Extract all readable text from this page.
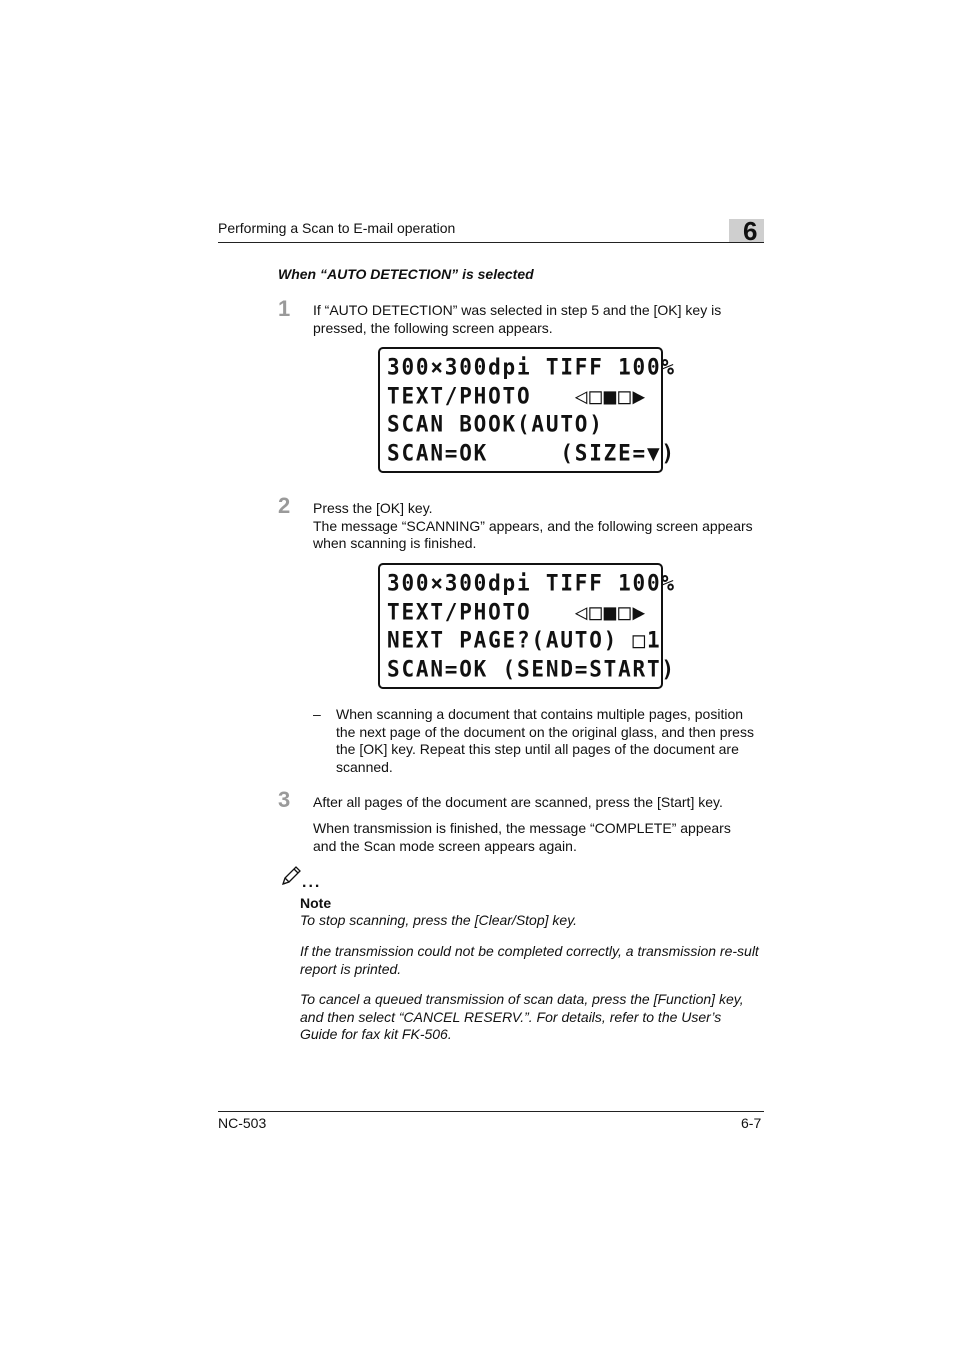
Performing a Scan to E-mail operation	6
When “AUTO DETECTION” is selected
1 If “AUTO DETECTION” was selected in step 5 and the [OK] key is pressed, the following screen appears.
300×300dpi TIFF 100%
TEXT/PHOTO   ◁□■□▶
SCAN BOOK(AUTO)
SCAN=OK     (SIZE=▼)
2 Press the [OK] key.
The message “SCANNING” appears, and the following screen appears when scanning is finished.
300×300dpi TIFF 100%
TEXT/PHOTO   ◁□■□▶
NEXT PAGE?(AUTO) □1
SCAN=OK (SEND=START)
– When scanning a document that contains multiple pages, position the next page of the document on the original glass, and then press the [OK] key. Repeat this step until all pages of the document are scanned.
3 After all pages of the document are scanned, press the [Start] key.
When transmission is finished, the message “COMPLETE” appears and the Scan mode screen appears again.
...
Note
To stop scanning, press the [Clear/Stop] key.
If the transmission could not be completed correctly, a transmission re-sult report is printed.
To cancel a queued transmission of scan data, press the [Function] key, and then select “CANCEL RESERV.”. For details, refer to the User’s Guide for fax kit FK-506.
NC-503	6-7
